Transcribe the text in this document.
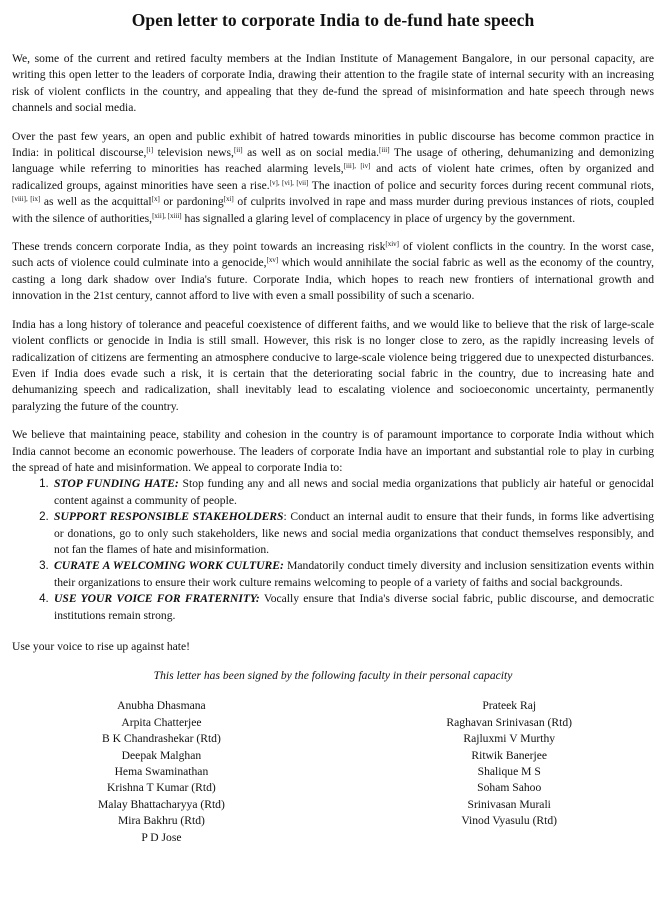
Open letter to corporate India to de-fund hate speech

We, some of the current and retired faculty members at the Indian Institute of Management Bangalore, in our personal capacity, are writing this open letter to the leaders of corporate India, drawing their attention to the fragile state of internal security with an increasing risk of violent conflicts in the country, and appealing that they de-fund the spread of misinformation and hate speech through news channels and social media.

Over the past few years, an open and public exhibit of hatred towards minorities in public discourse has become common practice in India: in political discourse,[i] television news,[ii] as well as on social media.[iii] The usage of othering, dehumanizing and demonizing language while referring to minorities has reached alarming levels,[iii], [iv] and acts of violent hate crimes, often by organized and radicalized groups, against minorities have seen a rise.[v], [vi], [vii] The inaction of police and security forces during recent communal riots,[viii], [ix] as well as the acquittal[x] or pardoning[xi] of culprits involved in rape and mass murder during previous instances of riots, coupled with the silence of authorities,[xii], [xiii] has signalled a glaring level of complacency in place of urgency by the government.

These trends concern corporate India, as they point towards an increasing risk[xiv] of violent conflicts in the country. In the worst case, such acts of violence could culminate into a genocide,[xv] which would annihilate the social fabric as well as the economy of the country, casting a long dark shadow over India's future. Corporate India, which hopes to reach new frontiers of international growth and innovation in the 21st century, cannot afford to live with even a small possibility of such a scenario.

India has a long history of tolerance and peaceful coexistence of different faiths, and we would like to believe that the risk of large-scale violent conflicts or genocide in India is still small. However, this risk is no longer close to zero, as the rapidly increasing levels of radicalization of citizens are fermenting an atmosphere conducive to large-scale violence being triggered due to unexpected disturbances. Even if India does evade such a risk, it is certain that the deteriorating social fabric in the country, due to increasing hate and dehumanizing speech and radicalization, shall inevitably lead to escalating violence and socioeconomic uncertainty, permanently paralyzing the future of the country.

We believe that maintaining peace, stability and cohesion in the country is of paramount importance to corporate India without which India cannot become an economic powerhouse. The leaders of corporate India have an important and substantial role to play in curbing the spread of hate and misinformation. We appeal to corporate India to:

1. STOP FUNDING HATE: Stop funding any and all news and social media organizations that publicly air hateful or genocidal content against a community of people.
2. SUPPORT RESPONSIBLE STAKEHOLDERS: Conduct an internal audit to ensure that their funds, in forms like advertising or donations, go to only such stakeholders, like news and social media organizations that conduct themselves responsibly, and not fan the flames of hate and misinformation.
3. CURATE A WELCOMING WORK CULTURE: Mandatorily conduct timely diversity and inclusion sensitization events within their organizations to ensure their work culture remains welcoming to people of a variety of faiths and social backgrounds.
4. USE YOUR VOICE FOR FRATERNITY: Vocally ensure that India's diverse social fabric, public discourse, and democratic institutions remain strong.

Use your voice to rise up against hate!

This letter has been signed by the following faculty in their personal capacity
Anubha Dhasmana
Arpita Chatterjee
B K Chandrashekar (Rtd)
Deepak Malghan
Hema Swaminathan
Krishna T Kumar (Rtd)
Malay Bhattacharyya (Rtd)
Mira Bakhru (Rtd)
P D Jose
Prateek Raj
Raghavan Srinivasan (Rtd)
Rajluxmi V Murthy
Ritwik Banerjee
Shalique M S
Soham Sahoo
Srinivasan Murali
Vinod Vyasulu (Rtd)
